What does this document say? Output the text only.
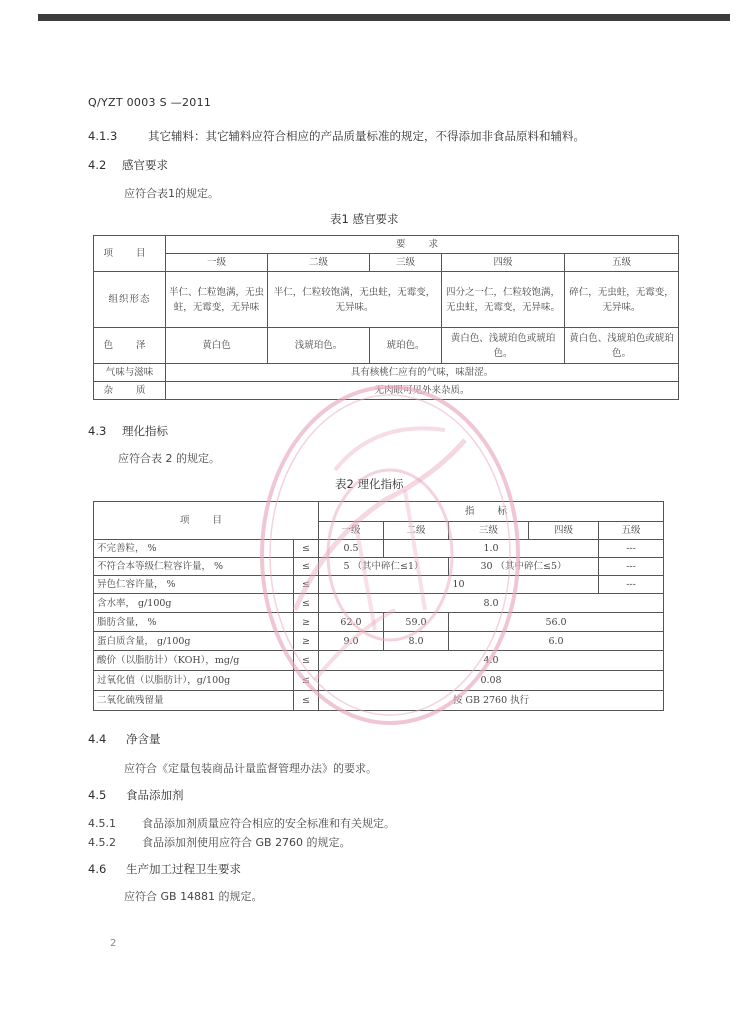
Q/YZT 0003 S —2011
4.1.3	其它辅料：其它辅料应符合相应的产品质量标准的规定，不得添加非食品原料和辅料。
4.2 感官要求
应符合表1的规定。
表1 感官要求
项 目	要 求				
	一级	二级	三级	四级	五级
组织形态	半仁、仁粒饱满，无虫蛀，无霉变，无异味	半仁，仁粒较饱满，无虫蛀，无霉变，无异味。		四分之一仁，仁粒较饱满，无虫蛀，无霉变，无异味。	碎仁，无虫蛀，无霉变，无异味。
色 泽	黄白色	浅琥珀色。	琥珀色。	黄白色、浅琥珀色或琥珀色。	黄白色、浅琥珀色或琥珀色。
气味与滋味	具有核桃仁应有的气味，味甜涩。				
杂 质	无肉眼可见外来杂质。				
4.3 理化指标
应符合表 2 的规定。
表2 理化指标
项 目		指 标				
		一级	二级	三级	四级	五级
不完善粒， %	≤	0.5	1.0			---
不符合本等级仁粒容许量， %	≤	5 （其中碎仁≤1）		30 （其中碎仁≤5）		---
异色仁容许量， %	≤	10				---
含水率， g/100g	≤	8.0				
脂肪含量， %	≥	62.0	59.0	56.0		
蛋白质含量， g/100g	≥	9.0	8.0	6.0		
酸价（以脂肪计）（KOH），mg/g	≤	4.0				
过氧化值（以脂肪计），g/100g	≤	0.08				
二氧化硫残留量	≤	按 GB 2760 执行				
4.4 净含量
应符合《定量包装商品计量监督管理办法》的要求。
4.5 食品添加剂
4.5.1 食品添加剂质量应符合相应的安全标准和有关规定。
4.5.2 食品添加剂使用应符合 GB 2760 的规定。
4.6 生产加工过程卫生要求
应符合 GB 14881 的规定。
2
